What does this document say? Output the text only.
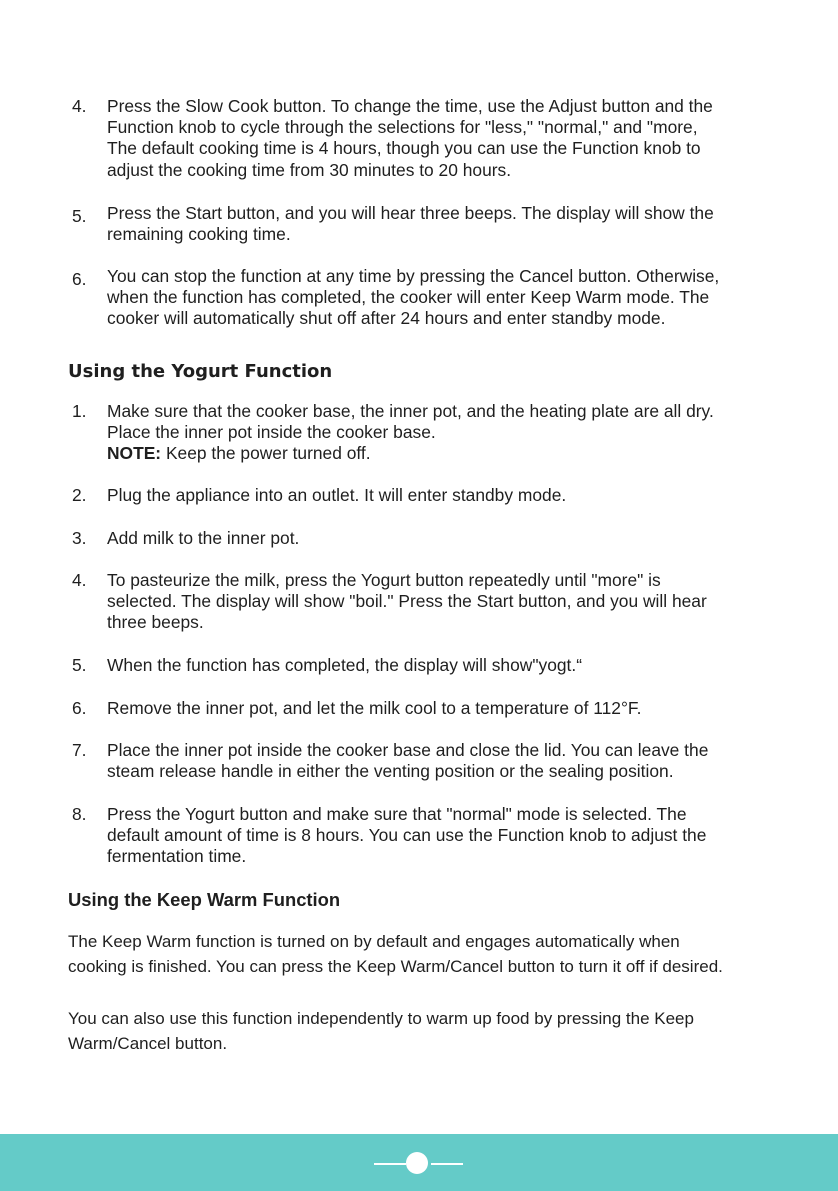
4. Press the Slow Cook button. To change the time, use the Adjust button and the
Function knob to cycle through the selections for "less," "normal," and "more,
The default cooking time is 4 hours, though you can use the Function knob to
adjust the cooking time from 30 minutes to 20 hours.
5. Press the Start button, and you will hear three beeps. The display will show the
remaining cooking time.
6. You can stop the function at any time by pressing the Cancel button. Otherwise,
when the function has completed, the cooker will enter Keep Warm mode. The
cooker will automatically shut off after 24 hours and enter standby mode.
Using the Yogurt Function
1. Make sure that the cooker base, the inner pot, and the heating plate are all dry.
Place the inner pot inside the cooker base.
NOTE: Keep the power turned off.
2. Plug the appliance into an outlet. It will enter standby mode.
3. Add milk to the inner pot.
4. To pasteurize the milk, press the Yogurt button repeatedly until "more" is
selected. The display will show "boil." Press the Start button, and you will hear
three beeps.
5. When the function has completed, the display will show"yogt.“
6. Remove the inner pot, and let the milk cool to a temperature of 112°F.
7. Place the inner pot inside the cooker base and close the lid. You can leave the
steam release handle in either the venting position or the sealing position.
8. Press the Yogurt button and make sure that "normal" mode is selected. The
default amount of time is 8 hours. You can use the Function knob to adjust the
fermentation time.
Using the Keep Warm Function
The Keep Warm function is turned on by default and engages automatically when
cooking is finished. You can press the Keep Warm/Cancel button to turn it off if desired.
You can also use this function independently to warm up food by pressing the Keep
Warm/Cancel button.
